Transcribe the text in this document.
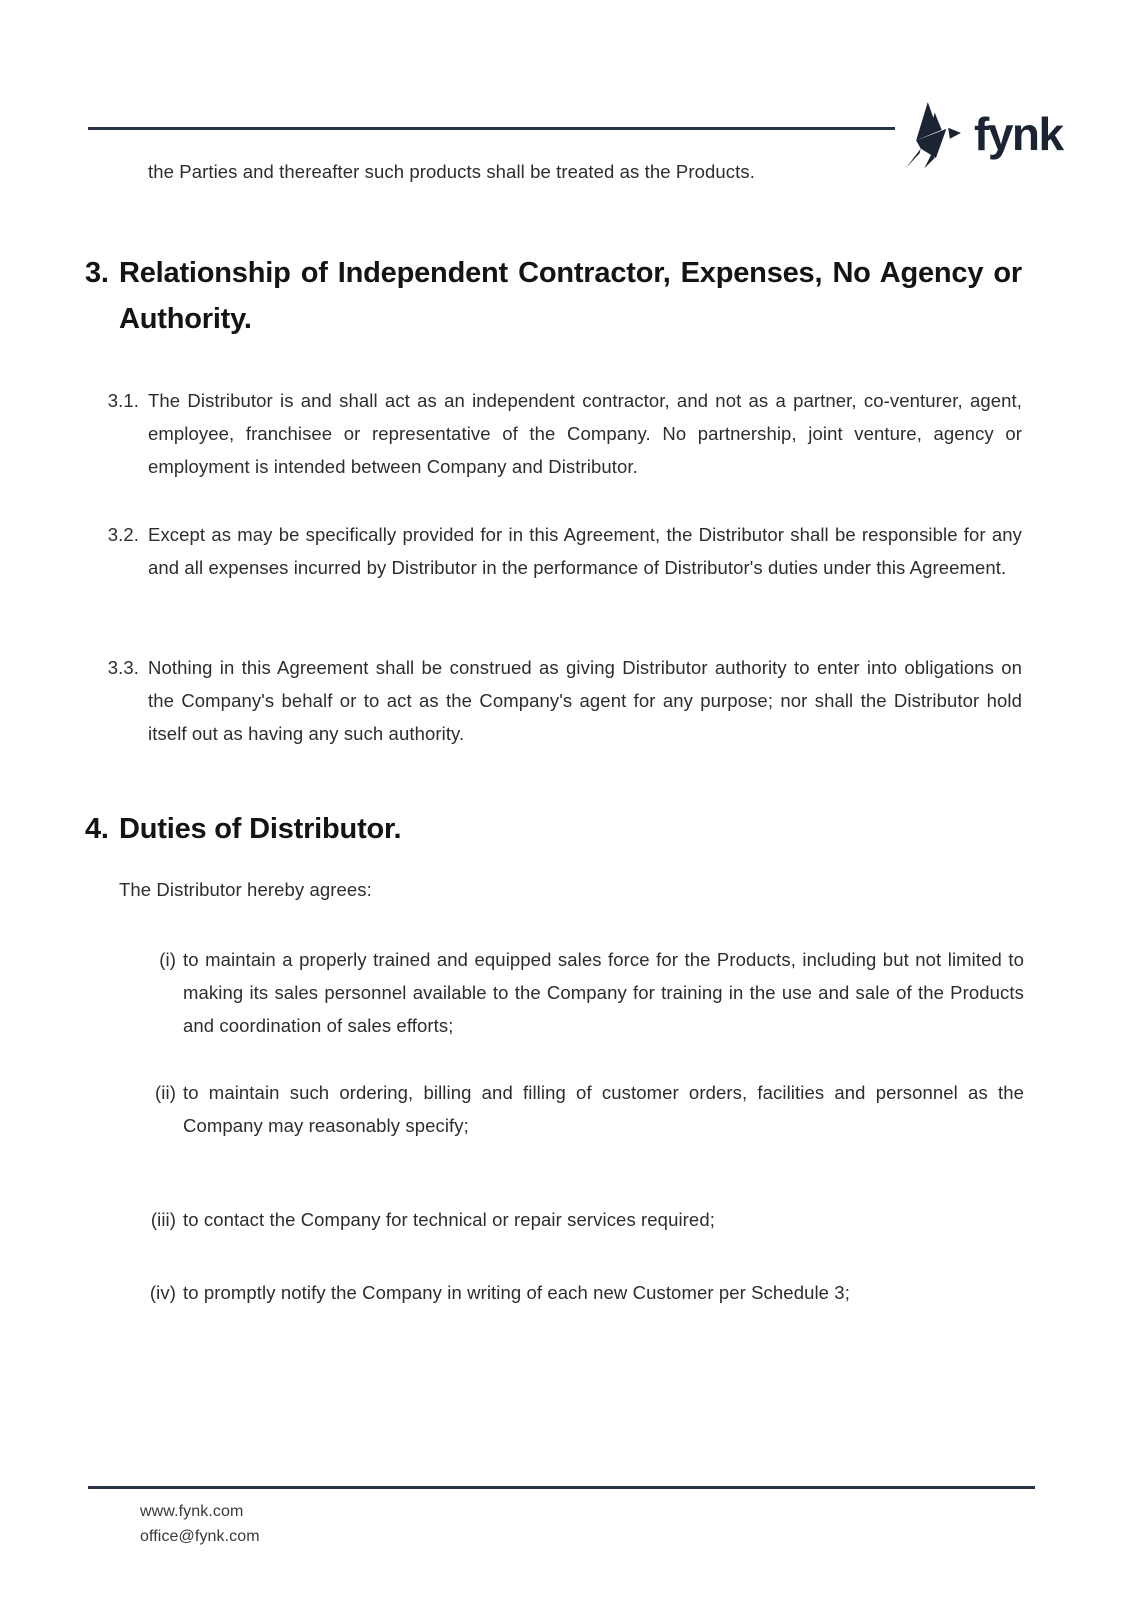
fynk

the Parties and thereafter such products shall be treated as the Products.

3. Relationship of Independent Contractor, Expenses, No Agency or Authority.
3.1. The Distributor is and shall act as an independent contractor, and not as a partner, co-venturer, agent, employee, franchisee or representative of the Company. No partnership, joint venture, agency or employment is intended between Company and Distributor.
3.2. Except as may be specifically provided for in this Agreement, the Distributor shall be responsible for any and all expenses incurred by Distributor in the performance of Distributor's duties under this Agreement.
3.3. Nothing in this Agreement shall be construed as giving Distributor authority to enter into obligations on the Company's behalf or to act as the Company's agent for any purpose; nor shall the Distributor hold itself out as having any such authority.
4. Duties of Distributor.

The Distributor hereby agrees:

(i) to maintain a properly trained and equipped sales force for the Products, including but not limited to making its sales personnel available to the Company for training in the use and sale of the Products and coordination of sales efforts;
(ii) to maintain such ordering, billing and filling of customer orders, facilities and personnel as the Company may reasonably specify;
(iii) to contact the Company for technical or repair services required;
(iv) to promptly notify the Company in writing of each new Customer per Schedule 3;
www.fynk.com
office@fynk.com
